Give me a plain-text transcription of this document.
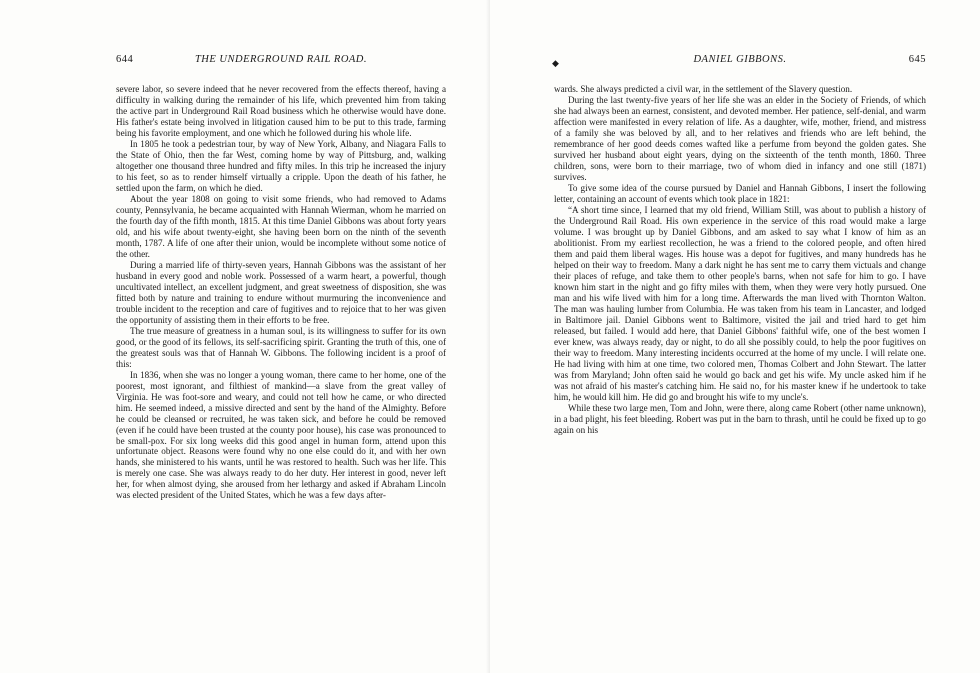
644	THE UNDERGROUND RAIL ROAD.

severe labor, so severe indeed that he never recovered from the effects thereof, having a difficulty in walking during the remainder of his life, which prevented him from taking the active part in Underground Rail Road business which he otherwise would have done. His father's estate being involved in litigation caused him to be put to this trade, farming being his favorite employment, and one which he followed during his whole life.

In 1805 he took a pedestrian tour, by way of New York, Albany, and Niagara Falls to the State of Ohio, then the far West, coming home by way of Pittsburg, and, walking altogether one thousand three hundred and fifty miles. In this trip he increased the injury to his feet, so as to render himself virtually a cripple. Upon the death of his father, he settled upon the farm, on which he died.

About the year 1808 on going to visit some friends, who had removed to Adams county, Pennsylvania, he became acquainted with Hannah Wierman, whom he married on the fourth day of the fifth month, 1815. At this time Daniel Gibbons was about forty years old, and his wife about twenty-eight, she having been born on the ninth of the seventh month, 1787. A life of one after their union, would be incomplete without some notice of the other.

During a married life of thirty-seven years, Hannah Gibbons was the assistant of her husband in every good and noble work. Possessed of a warm heart, a powerful, though uncultivated intellect, an excellent judgment, and great sweetness of disposition, she was fitted both by nature and training to endure without murmuring the inconvenience and trouble incident to the reception and care of fugitives and to rejoice that to her was given the opportunity of assisting them in their efforts to be free.

The true measure of greatness in a human soul, is its willingness to suffer for its own good, or the good of its fellows, its self-sacrificing spirit. Granting the truth of this, one of the greatest souls was that of Hannah W. Gibbons. The following incident is a proof of this:

In 1836, when she was no longer a young woman, there came to her home, one of the poorest, most ignorant, and filthiest of mankind—a slave from the great valley of Virginia. He was foot-sore and weary, and could not tell how he came, or who directed him. He seemed indeed, a missive directed and sent by the hand of the Almighty. Before he could be cleansed or recruited, he was taken sick, and before he could be removed (even if he could have been trusted at the county poor house), his case was pronounced to be small-pox. For six long weeks did this good angel in human form, attend upon this unfortunate object. Reasons were found why no one else could do it, and with her own hands, she ministered to his wants, until he was restored to health. Such was her life. This is merely one case. She was always ready to do her duty. Her interest in good, never left her, for when almost dying, she aroused from her lethargy and asked if Abraham Lincoln was elected president of the United States, which he was a few days after-

◆	DANIEL GIBBONS.	645

wards. She always predicted a civil war, in the settlement of the Slavery question.

During the last twenty-five years of her life she was an elder in the Society of Friends, of which she had always been an earnest, consistent, and devoted member. Her patience, self-denial, and warm affection were manifested in every relation of life. As a daughter, wife, mother, friend, and mistress of a family she was beloved by all, and to her relatives and friends who are left behind, the remembrance of her good deeds comes wafted like a perfume from beyond the golden gates. She survived her husband about eight years, dying on the sixteenth of the tenth month, 1860. Three children, sons, were born to their marriage, two of whom died in infancy and one still (1871) survives.

To give some idea of the course pursued by Daniel and Hannah Gibbons, I insert the following letter, containing an account of events which took place in 1821:

“A short time since, I learned that my old friend, William Still, was about to publish a history of the Underground Rail Road. His own experience in the service of this road would make a large volume. I was brought up by Daniel Gibbons, and am asked to say what I know of him as an abolitionist. From my earliest recollection, he was a friend to the colored people, and often hired them and paid them liberal wages. His house was a depot for fugitives, and many hundreds has he helped on their way to freedom. Many a dark night he has sent me to carry them victuals and change their places of refuge, and take them to other people's barns, when not safe for him to go. I have known him start in the night and go fifty miles with them, when they were very hotly pursued. One man and his wife lived with him for a long time. Afterwards the man lived with Thornton Walton. The man was hauling lumber from Columbia. He was taken from his team in Lancaster, and lodged in Baltimore jail. Daniel Gibbons went to Baltimore, visited the jail and tried hard to get him released, but failed. I would add here, that Daniel Gibbons' faithful wife, one of the best women I ever knew, was always ready, day or night, to do all she possibly could, to help the poor fugitives on their way to freedom. Many interesting incidents occurred at the home of my uncle. I will relate one. He had living with him at one time, two colored men, Thomas Colbert and John Stewart. The latter was from Maryland; John often said he would go back and get his wife. My uncle asked him if he was not afraid of his master's catching him. He said no, for his master knew if he undertook to take him, he would kill him. He did go and brought his wife to my uncle's.

While these two large men, Tom and John, were there, along came Robert (other name unknown), in a bad plight, his feet bleeding. Robert was put in the barn to thrash, until he could be fixed up to go again on his
